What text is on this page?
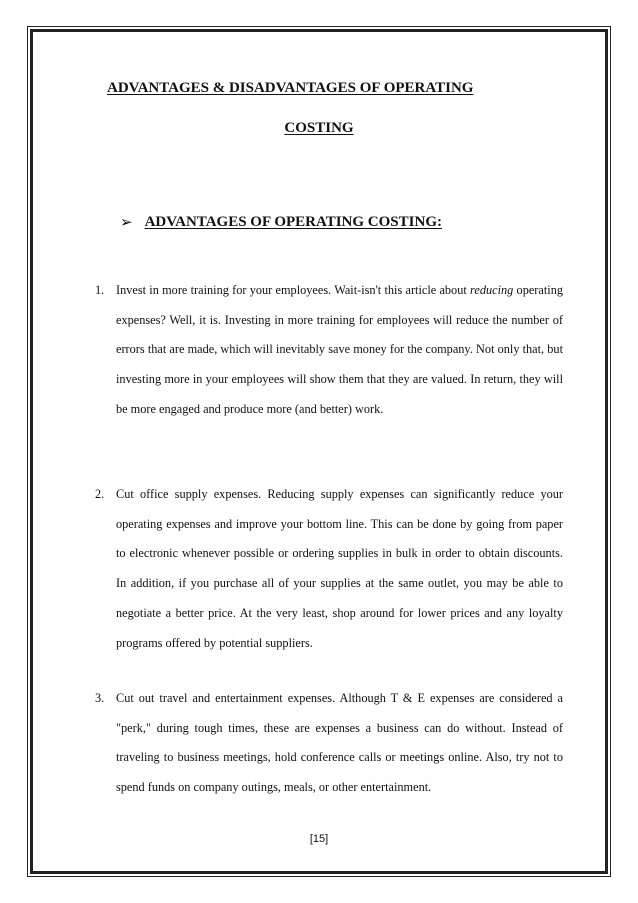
ADVANTAGES & DISADVANTAGES OF OPERATING
COSTING
➢ ADVANTAGES OF OPERATING COSTING:
1. Invest in more training for your employees. Wait-isn't this article about reducing operating expenses? Well, it is. Investing in more training for employees will reduce the number of errors that are made, which will inevitably save money for the company. Not only that, but investing more in your employees will show them that they are valued. In return, they will be more engaged and produce more (and better) work.
2. Cut office supply expenses. Reducing supply expenses can significantly reduce your operating expenses and improve your bottom line. This can be done by going from paper to electronic whenever possible or ordering supplies in bulk in order to obtain discounts. In addition, if you purchase all of your supplies at the same outlet, you may be able to negotiate a better price. At the very least, shop around for lower prices and any loyalty programs offered by potential suppliers.
3. Cut out travel and entertainment expenses. Although T & E expenses are considered a "perk," during tough times, these are expenses a business can do without. Instead of traveling to business meetings, hold conference calls or meetings online. Also, try not to spend funds on company outings, meals, or other entertainment.
[15]
